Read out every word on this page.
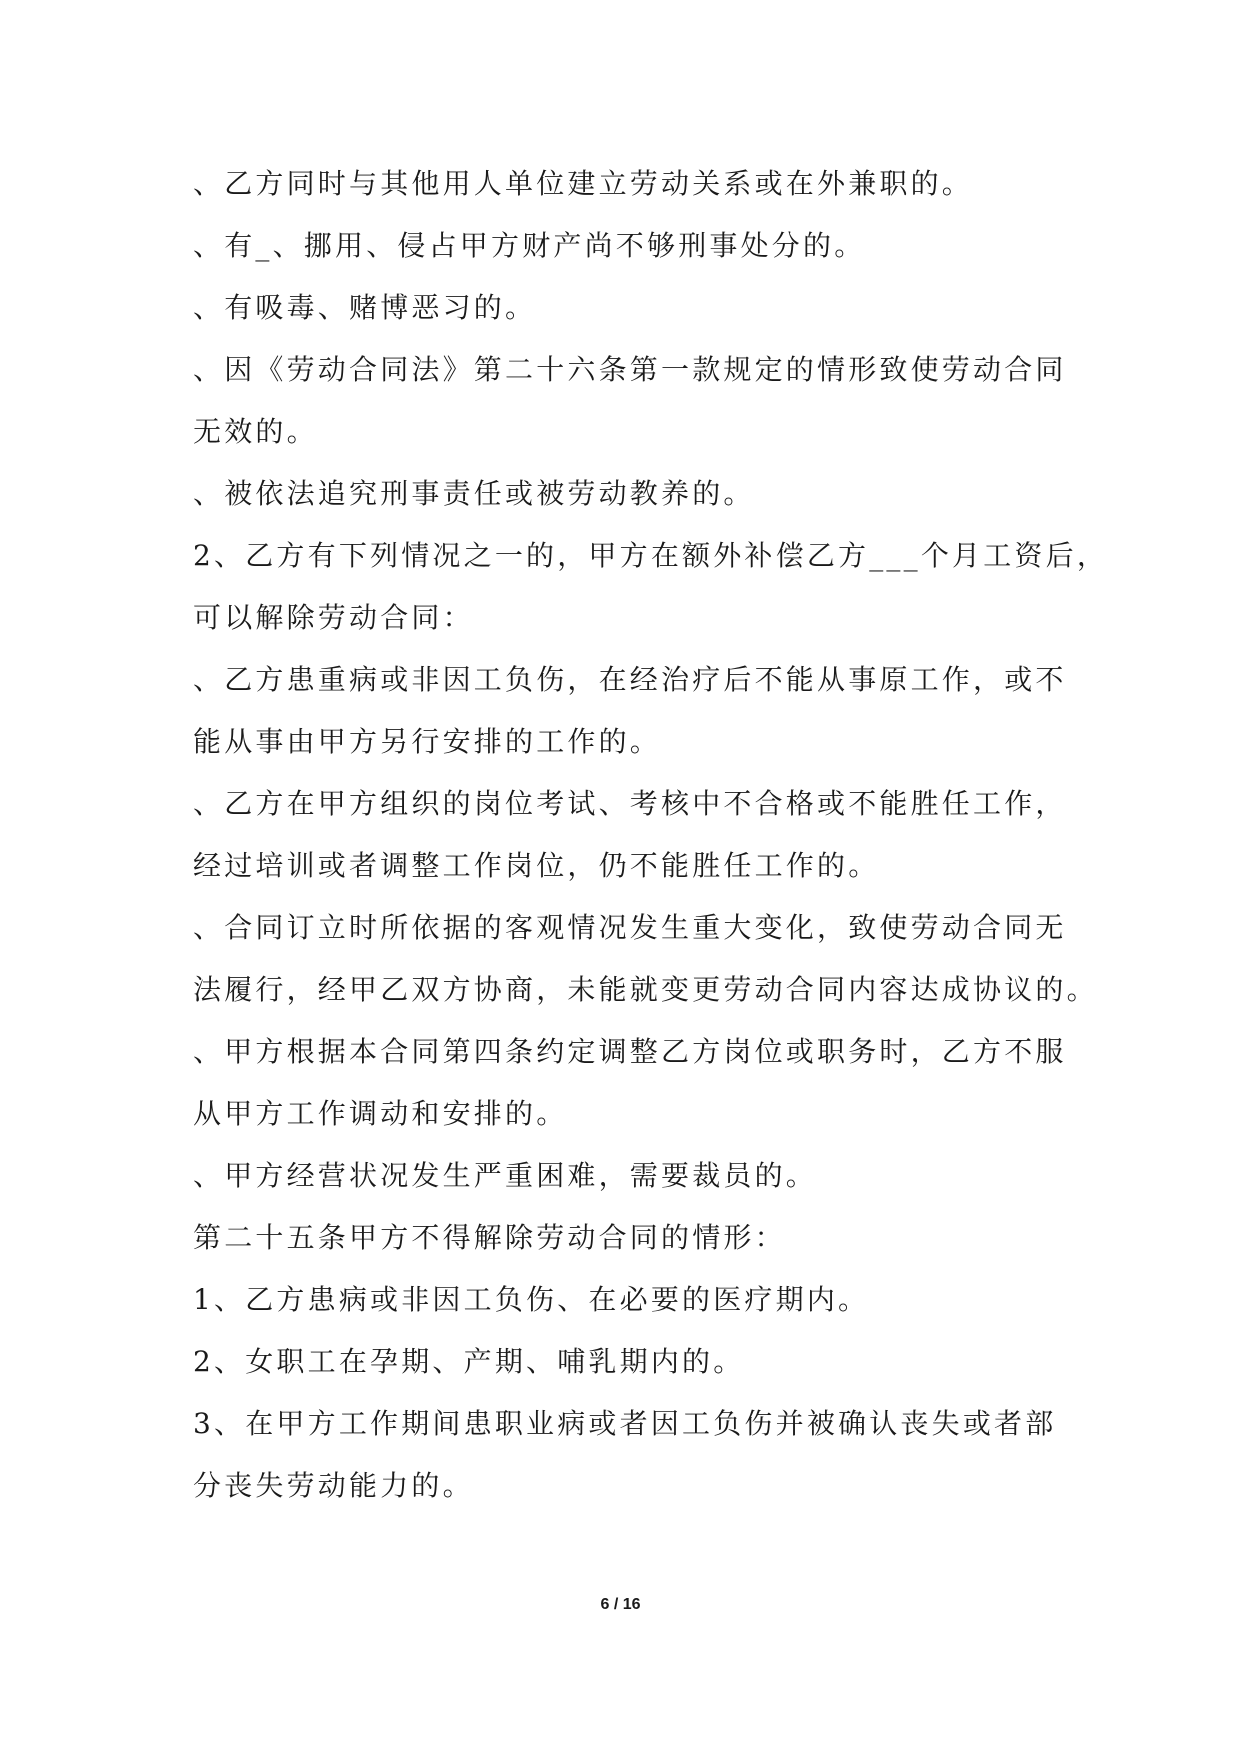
、乙方同时与其他用人单位建立劳动关系或在外兼职的。
、有_、挪用、侵占甲方财产尚不够刑事处分的。
、有吸毒、赌博恶习的。
、因《劳动合同法》第二十六条第一款规定的情形致使劳动合同
无效的。
、被依法追究刑事责任或被劳动教养的。
2、乙方有下列情况之一的，甲方在额外补偿乙方___个月工资后，
可以解除劳动合同：
、乙方患重病或非因工负伤，在经治疗后不能从事原工作，或不
能从事由甲方另行安排的工作的。
、乙方在甲方组织的岗位考试、考核中不合格或不能胜任工作，
经过培训或者调整工作岗位，仍不能胜任工作的。
、合同订立时所依据的客观情况发生重大变化，致使劳动合同无
法履行，经甲乙双方协商，未能就变更劳动合同内容达成协议的。
、甲方根据本合同第四条约定调整乙方岗位或职务时，乙方不服
从甲方工作调动和安排的。
、甲方经营状况发生严重困难，需要裁员的。
第二十五条甲方不得解除劳动合同的情形：
1、乙方患病或非因工负伤、在必要的医疗期内。
2、女职工在孕期、产期、哺乳期内的。
3、在甲方工作期间患职业病或者因工负伤并被确认丧失或者部
分丧失劳动能力的。
6 / 16
